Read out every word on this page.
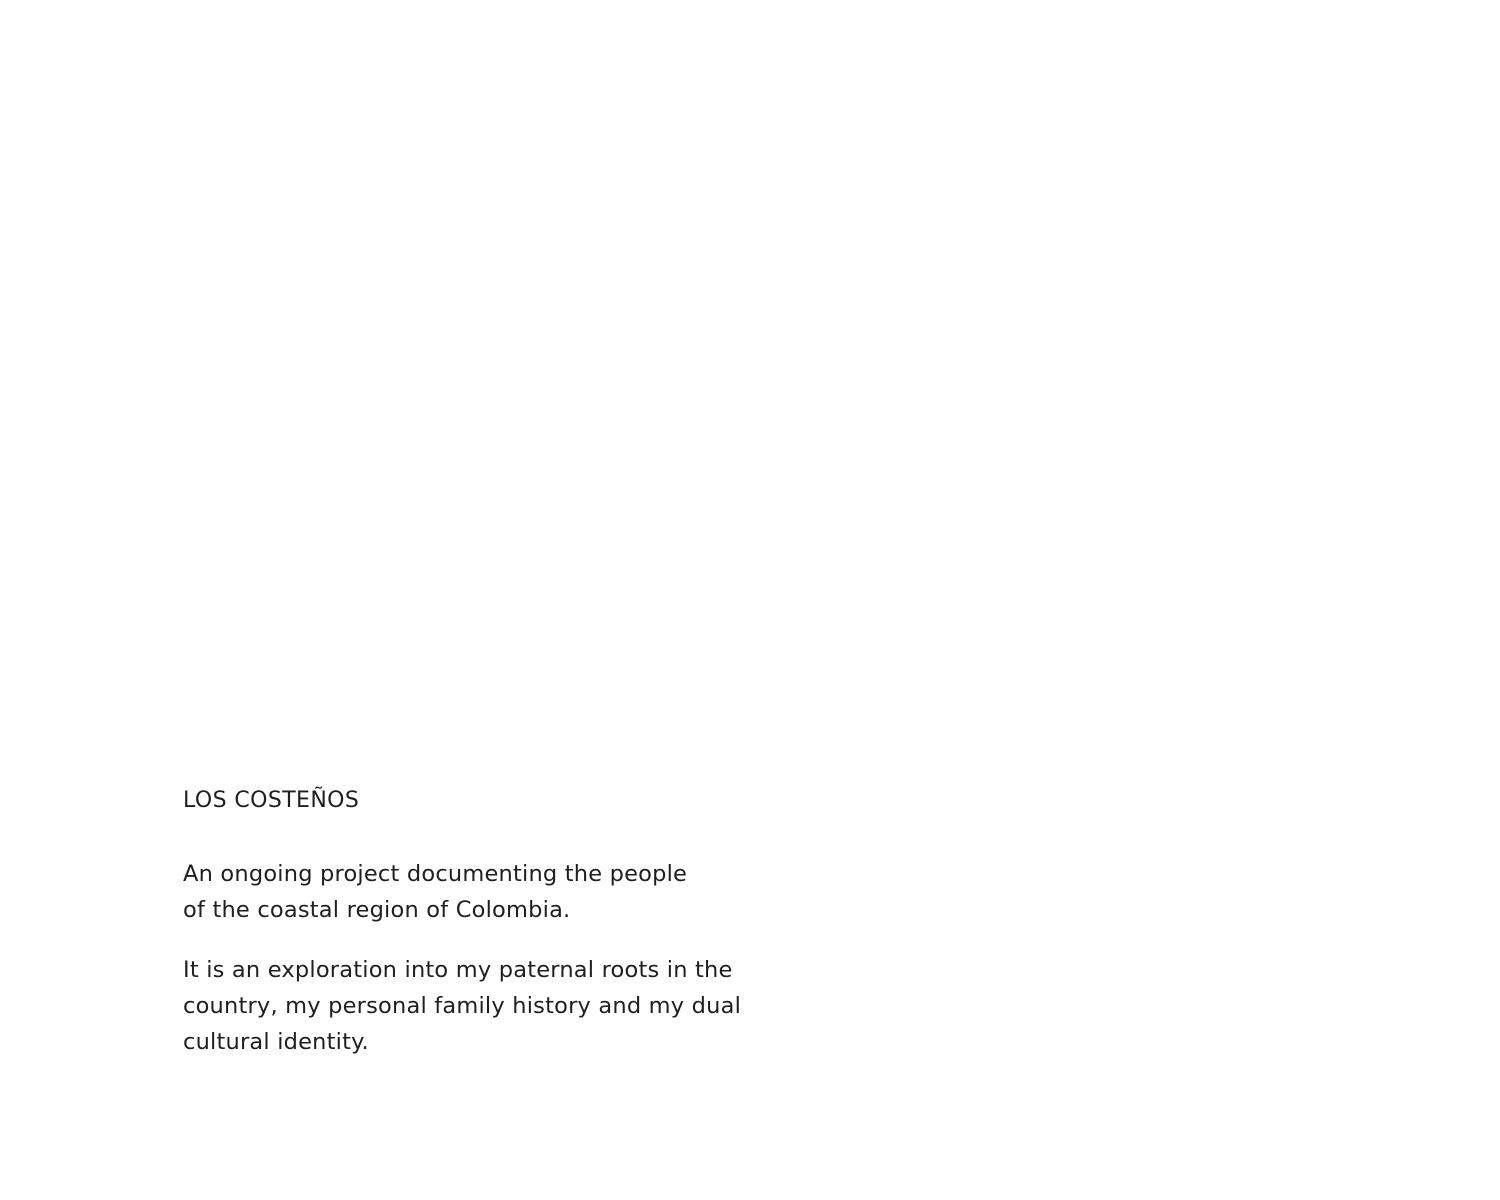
LOS COSTEÑOS

An ongoing project documenting the people
of the coastal region of Colombia.

It is an exploration into my paternal roots in the
country, my personal family history and my dual
cultural identity.
